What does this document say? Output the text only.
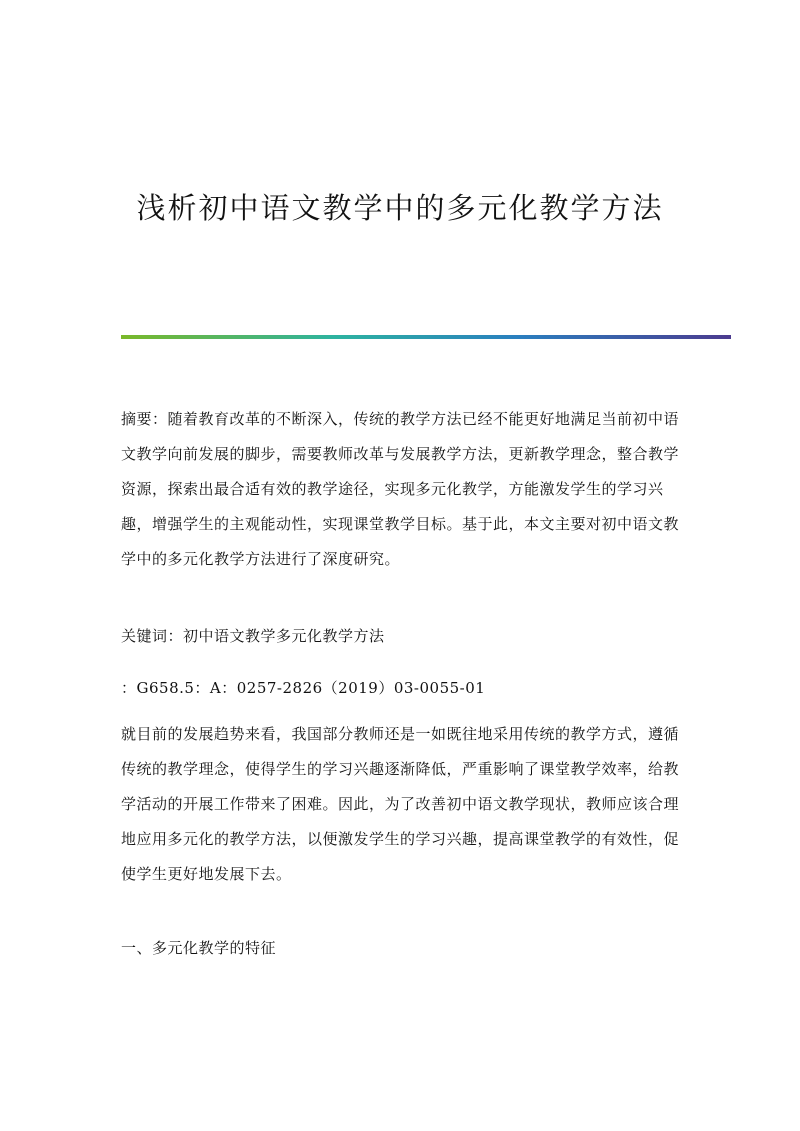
浅析初中语文教学中的多元化教学方法

摘要：随着教育改革的不断深入，传统的教学方法已经不能更好地满足当前初中语文教学向前发展的脚步，需要教师改革与发展教学方法，更新教学理念，整合教学资源，探索出最合适有效的教学途径，实现多元化教学，方能激发学生的学习兴趣，增强学生的主观能动性，实现课堂教学目标。基于此，本文主要对初中语文教学中的多元化教学方法进行了深度研究。

关键词：初中语文教学多元化教学方法

：G658.5：A：0257-2826（2019）03-0055-01

就目前的发展趋势来看，我国部分教师还是一如既往地采用传统的教学方式，遵循传统的教学理念，使得学生的学习兴趣逐渐降低，严重影响了课堂教学效率，给教学活动的开展工作带来了困难。因此，为了改善初中语文教学现状，教师应该合理地应用多元化的教学方法，以便激发学生的学习兴趣，提高课堂教学的有效性，促使学生更好地发展下去。

一、多元化教学的特征
